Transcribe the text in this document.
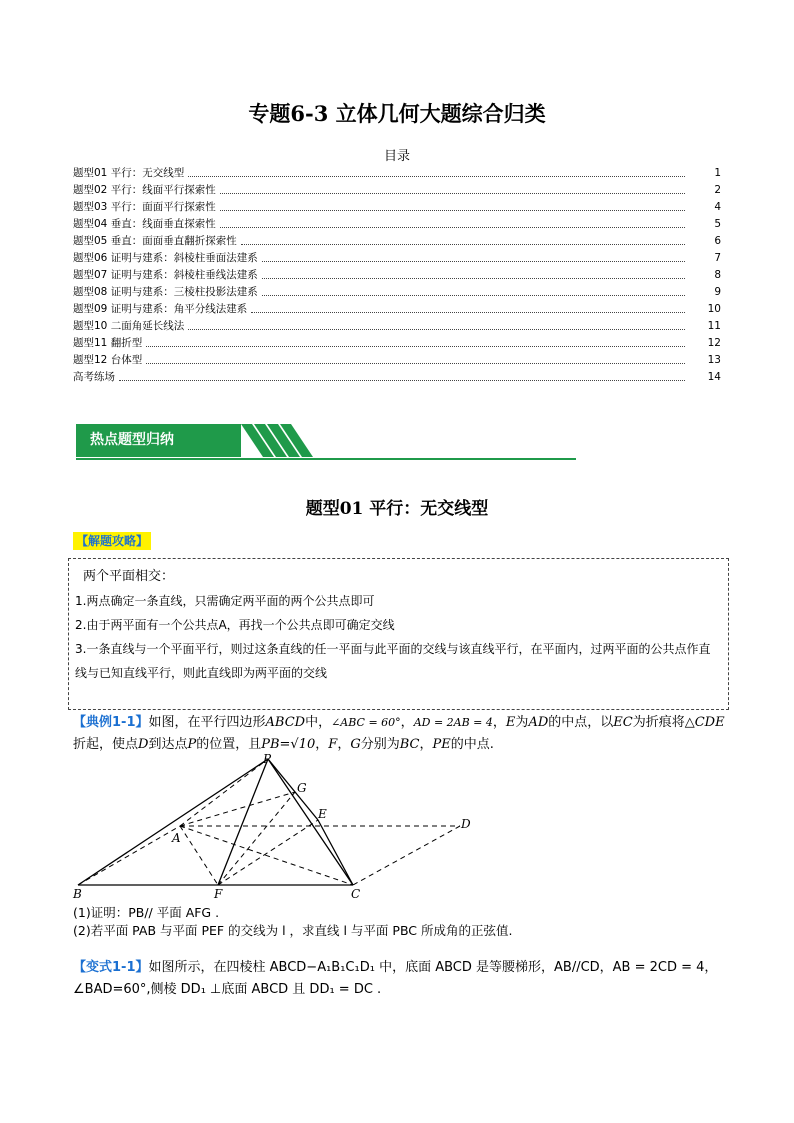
专题6-3 立体几何大题综合归类
目录
题型01 平行：无交线型	1
题型02 平行：线面平行探索性	2
题型03 平行：面面平行探索性	4
题型04 垂直：线面垂直探索性	5
题型05 垂直：面面垂直翻折探索性	6
题型06 证明与建系：斜棱柱垂面法建系	7
题型07 证明与建系：斜棱柱垂线法建系	8
题型08 证明与建系：三棱柱投影法建系	9
题型09 证明与建系：角平分线法建系	10
题型10 二面角延长线法	11
题型11 翻折型	12
题型12 台体型	13
高考练场	14
热点题型归纳
题型01 平行：无交线型
【解题攻略】
两个平面相交：
1.两点确定一条直线，只需确定两平面的两个公共点即可
2.由于两平面有一个公共点A，再找一个公共点即可确定交线
3.一条直线与一个平面平行，则过这条直线的任一平面与此平面的交线与该直线平行，在平面内，过两平面的公共点作直线与已知直线平行，则此直线即为两平面的交线
【典例1-1】如图，在平行四边形ABCD中，∠ABC = 60°，AD = 2AB = 4，E为AD的中点，以EC为折痕将△CDE折起，使点D到达点P的位置，且PB=√10，F，G分别为BC，PE的中点.
P
G
E
D
A
B	F	C
(1)证明：PB// 平面 AFG .
(2)若平面 PAB 与平面 PEF 的交线为 l ，求直线 l 与平面 PBC 所成角的正弦值.
【变式1-1】如图所示，在四棱柱 ABCD−A₁B₁C₁D₁ 中，底面 ABCD 是等腰梯形，AB//CD，AB = 2CD = 4，
∠BAD=60°,侧棱 DD₁ ⊥底面 ABCD 且 DD₁ = DC .
